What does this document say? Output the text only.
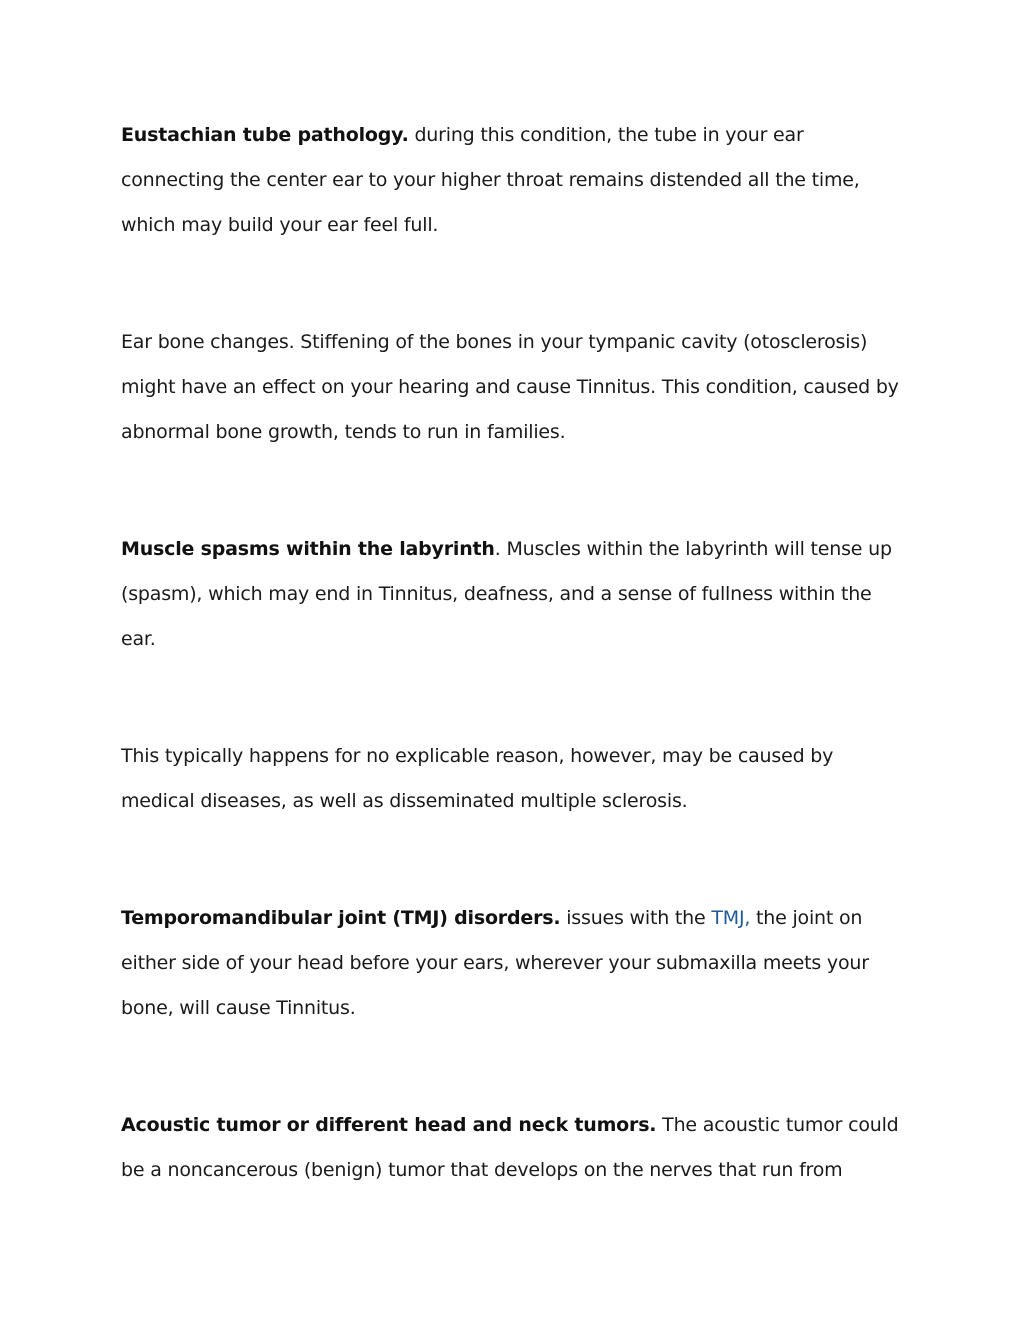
Eustachian tube pathology. during this condition, the tube in your ear connecting the center ear to your higher throat remains distended all the time, which may build your ear feel full.

Ear bone changes. Stiffening of the bones in your tympanic cavity (otosclerosis) might have an effect on your hearing and cause Tinnitus. This condition, caused by abnormal bone growth, tends to run in families.

Muscle spasms within the labyrinth. Muscles within the labyrinth will tense up (spasm), which may end in Tinnitus, deafness, and a sense of fullness within the ear.

This typically happens for no explicable reason, however, may be caused by medical diseases, as well as disseminated multiple sclerosis.

Temporomandibular joint (TMJ) disorders. issues with the TMJ, the joint on either side of your head before your ears, wherever your submaxilla meets your bone, will cause Tinnitus.

Acoustic tumor or different head and neck tumors. The acoustic tumor could be a noncancerous (benign) tumor that develops on the nerves that run from
